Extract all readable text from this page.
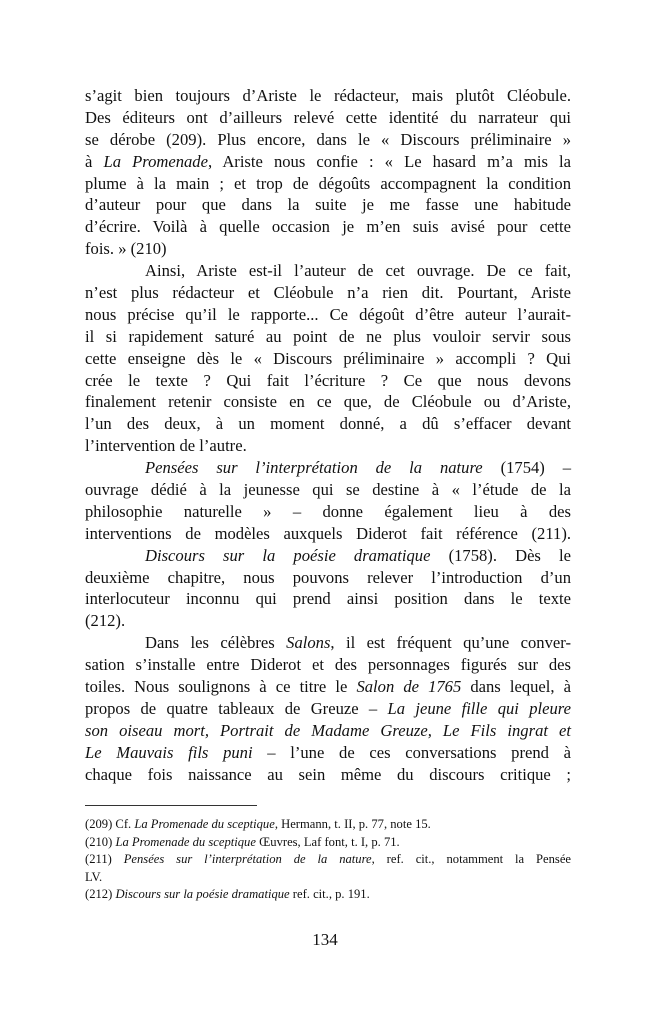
s’agit bien toujours d’Ariste le rédacteur, mais plutôt Cléobule.
Des éditeurs ont d’ailleurs relevé cette identité du narrateur qui
se dérobe (209). Plus encore, dans le « Discours préliminaire »
à La Promenade, Ariste nous confie : « Le hasard m’a mis la
plume à la main ; et trop de dégoûts accompagnent la condition
d’auteur pour que dans la suite je me fasse une habitude
d’écrire. Voilà à quelle occasion je m’en suis avisé pour cette
fois. » (210)
Ainsi, Ariste est-il l’auteur de cet ouvrage. De ce fait,
n’est plus rédacteur et Cléobule n’a rien dit. Pourtant, Ariste
nous précise qu’il le rapporte... Ce dégoût d’être auteur l’aurait-
il si rapidement saturé au point de ne plus vouloir servir sous
cette enseigne dès le « Discours préliminaire » accompli ? Qui
crée le texte ? Qui fait l’écriture ? Ce que nous devons
finalement retenir consiste en ce que, de Cléobule ou d’Ariste,
l’un des deux, à un moment donné, a dû s’effacer devant
l’intervention de l’autre.
Pensées sur l’interprétation de la nature (1754) –
ouvrage dédié à la jeunesse qui se destine à « l’étude de la
philosophie naturelle » – donne également lieu à des
interventions de modèles auxquels Diderot fait référence (211).
Discours sur la poésie dramatique (1758). Dès le
deuxième chapitre, nous pouvons relever l’introduction d’un
interlocuteur inconnu qui prend ainsi position dans le texte
(212).
Dans les célèbres Salons, il est fréquent qu’une conver-
sation s’installe entre Diderot et des personnages figurés sur des
toiles. Nous soulignons à ce titre le Salon de 1765 dans lequel, à
propos de quatre tableaux de Greuze – La jeune fille qui pleure
son oiseau mort, Portrait de Madame Greuze, Le Fils ingrat et
Le Mauvais fils puni – l’une de ces conversations prend à
chaque fois naissance au sein même du discours critique ;
(209) Cf. La Promenade du sceptique, Hermann, t. II, p. 77, note 15.
(210) La Promenade du sceptique Œuvres, Laf font, t. I, p. 71.
(211) Pensées sur l’interprétation de la nature, ref. cit., notamment la Pensée
LV.
(212) Discours sur la poésie dramatique ref. cit., p. 191.
134
